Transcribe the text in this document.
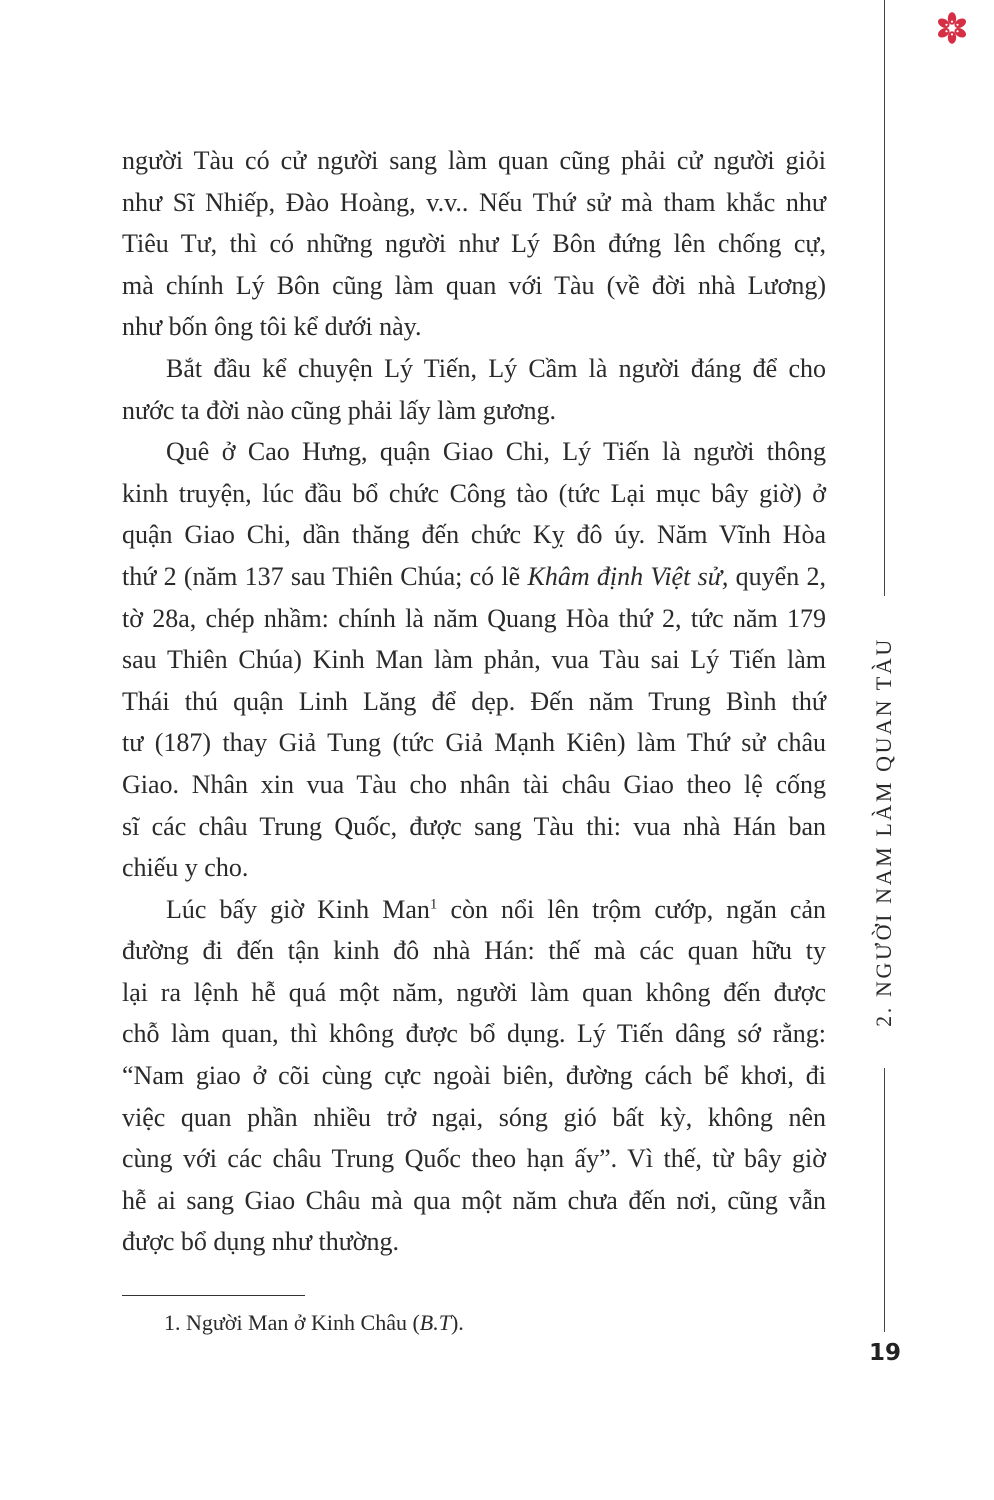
2. NGƯỜI NAM LÀM QUAN TÀU

người Tàu có cử người sang làm quan cũng phải cử người giỏi
như Sĩ Nhiếp, Đào Hoàng, v.v.. Nếu Thứ sử mà tham khắc như
Tiêu Tư, thì có những người như Lý Bôn đứng lên chống cự,
mà chính Lý Bôn cũng làm quan với Tàu (về đời nhà Lương)
như bốn ông tôi kể dưới này.

Bắt đầu kể chuyện Lý Tiến, Lý Cầm là người đáng để cho
nước ta đời nào cũng phải lấy làm gương.

Quê ở Cao Hưng, quận Giao Chi, Lý Tiến là người thông
kinh truyện, lúc đầu bổ chức Công tào (tức Lại mục bây giờ) ở
quận Giao Chi, dần thăng đến chức Kỵ đô úy. Năm Vĩnh Hòa
thứ 2 (năm 137 sau Thiên Chúa; có lẽ Khâm định Việt sử, quyển 2,
tờ 28a, chép nhầm: chính là năm Quang Hòa thứ 2, tức năm 179
sau Thiên Chúa) Kinh Man làm phản, vua Tàu sai Lý Tiến làm
Thái thú quận Linh Lăng để dẹp. Đến năm Trung Bình thứ
tư (187) thay Giả Tung (tức Giả Mạnh Kiên) làm Thứ sử châu
Giao. Nhân xin vua Tàu cho nhân tài châu Giao theo lệ cống
sĩ các châu Trung Quốc, được sang Tàu thi: vua nhà Hán ban
chiếu y cho.

Lúc bấy giờ Kinh Man$^1$ còn nổi lên trộm cướp, ngăn cản
đường đi đến tận kinh đô nhà Hán: thế mà các quan hữu ty
lại ra lệnh hễ quá một năm, người làm quan không đến được
chỗ làm quan, thì không được bổ dụng. Lý Tiến dâng sớ rằng:
“Nam giao ở cõi cùng cực ngoài biên, đường cách bể khơi, đi
việc quan phần nhiều trở ngại, sóng gió bất kỳ, không nên
cùng với các châu Trung Quốc theo hạn ấy”. Vì thế, từ bây giờ
hễ ai sang Giao Châu mà qua một năm chưa đến nơi, cũng vẫn
được bổ dụng như thường.

1. Người Man ở Kinh Châu (B.T).
19
